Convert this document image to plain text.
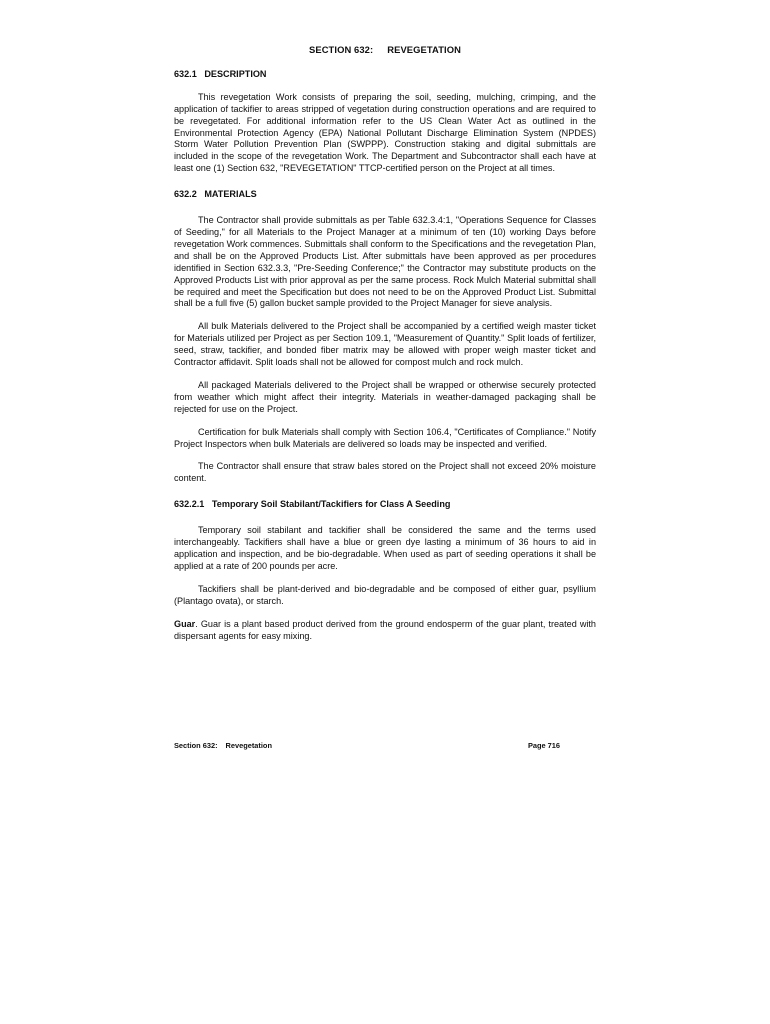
SECTION 632: REVEGETATION
632.1   DESCRIPTION
This revegetation Work consists of preparing the soil, seeding, mulching, crimping, and the application of tackifier to areas stripped of vegetation during construction operations and are required to be revegetated. For additional information refer to the US Clean Water Act as outlined in the Environmental Protection Agency (EPA) National Pollutant Discharge Elimination System (NPDES) Storm Water Pollution Prevention Plan (SWPPP). Construction staking and digital submittals are included in the scope of the revegetation Work. The Department and Subcontractor shall each have at least one (1) Section 632, "REVEGETATION" TTCP-certified person on the Project at all times.
632.2   MATERIALS
The Contractor shall provide submittals as per Table 632.3.4:1, "Operations Sequence for Classes of Seeding," for all Materials to the Project Manager at a minimum of ten (10) working Days before revegetation Work commences. Submittals shall conform to the Specifications and the revegetation Plan, and shall be on the Approved Products List. After submittals have been approved as per procedures identified in Section 632.3.3, "Pre-Seeding Conference;" the Contractor may substitute products on the Approved Products List with prior approval as per the same process. Rock Mulch Material submittal shall be required and meet the Specification but does not need to be on the Approved Product List. Submittal shall be a full five (5) gallon bucket sample provided to the Project Manager for sieve analysis.
All bulk Materials delivered to the Project shall be accompanied by a certified weigh master ticket for Materials utilized per Project as per Section 109.1, "Measurement of Quantity." Split loads of fertilizer, seed, straw, tackifier, and bonded fiber matrix may be allowed with proper weigh master ticket and Contractor affidavit. Split loads shall not be allowed for compost mulch and rock mulch.
All packaged Materials delivered to the Project shall be wrapped or otherwise securely protected from weather which might affect their integrity. Materials in weather-damaged packaging shall be rejected for use on the Project.
Certification for bulk Materials shall comply with Section 106.4, "Certificates of Compliance." Notify Project Inspectors when bulk Materials are delivered so loads may be inspected and verified.
The Contractor shall ensure that straw bales stored on the Project shall not exceed 20% moisture content.
632.2.1   Temporary Soil Stabilant/Tackifiers for Class A Seeding
Temporary soil stabilant and tackifier shall be considered the same and the terms used interchangeably. Tackifiers shall have a blue or green dye lasting a minimum of 36 hours to aid in application and inspection, and be bio-degradable. When used as part of seeding operations it shall be applied at a rate of 200 pounds per acre.
Tackifiers shall be plant-derived and bio-degradable and be composed of either guar, psyllium (Plantago ovata), or starch.
Guar. Guar is a plant based product derived from the ground endosperm of the guar plant, treated with dispersant agents for easy mixing.
Section 632: Revegetation	Page 716
